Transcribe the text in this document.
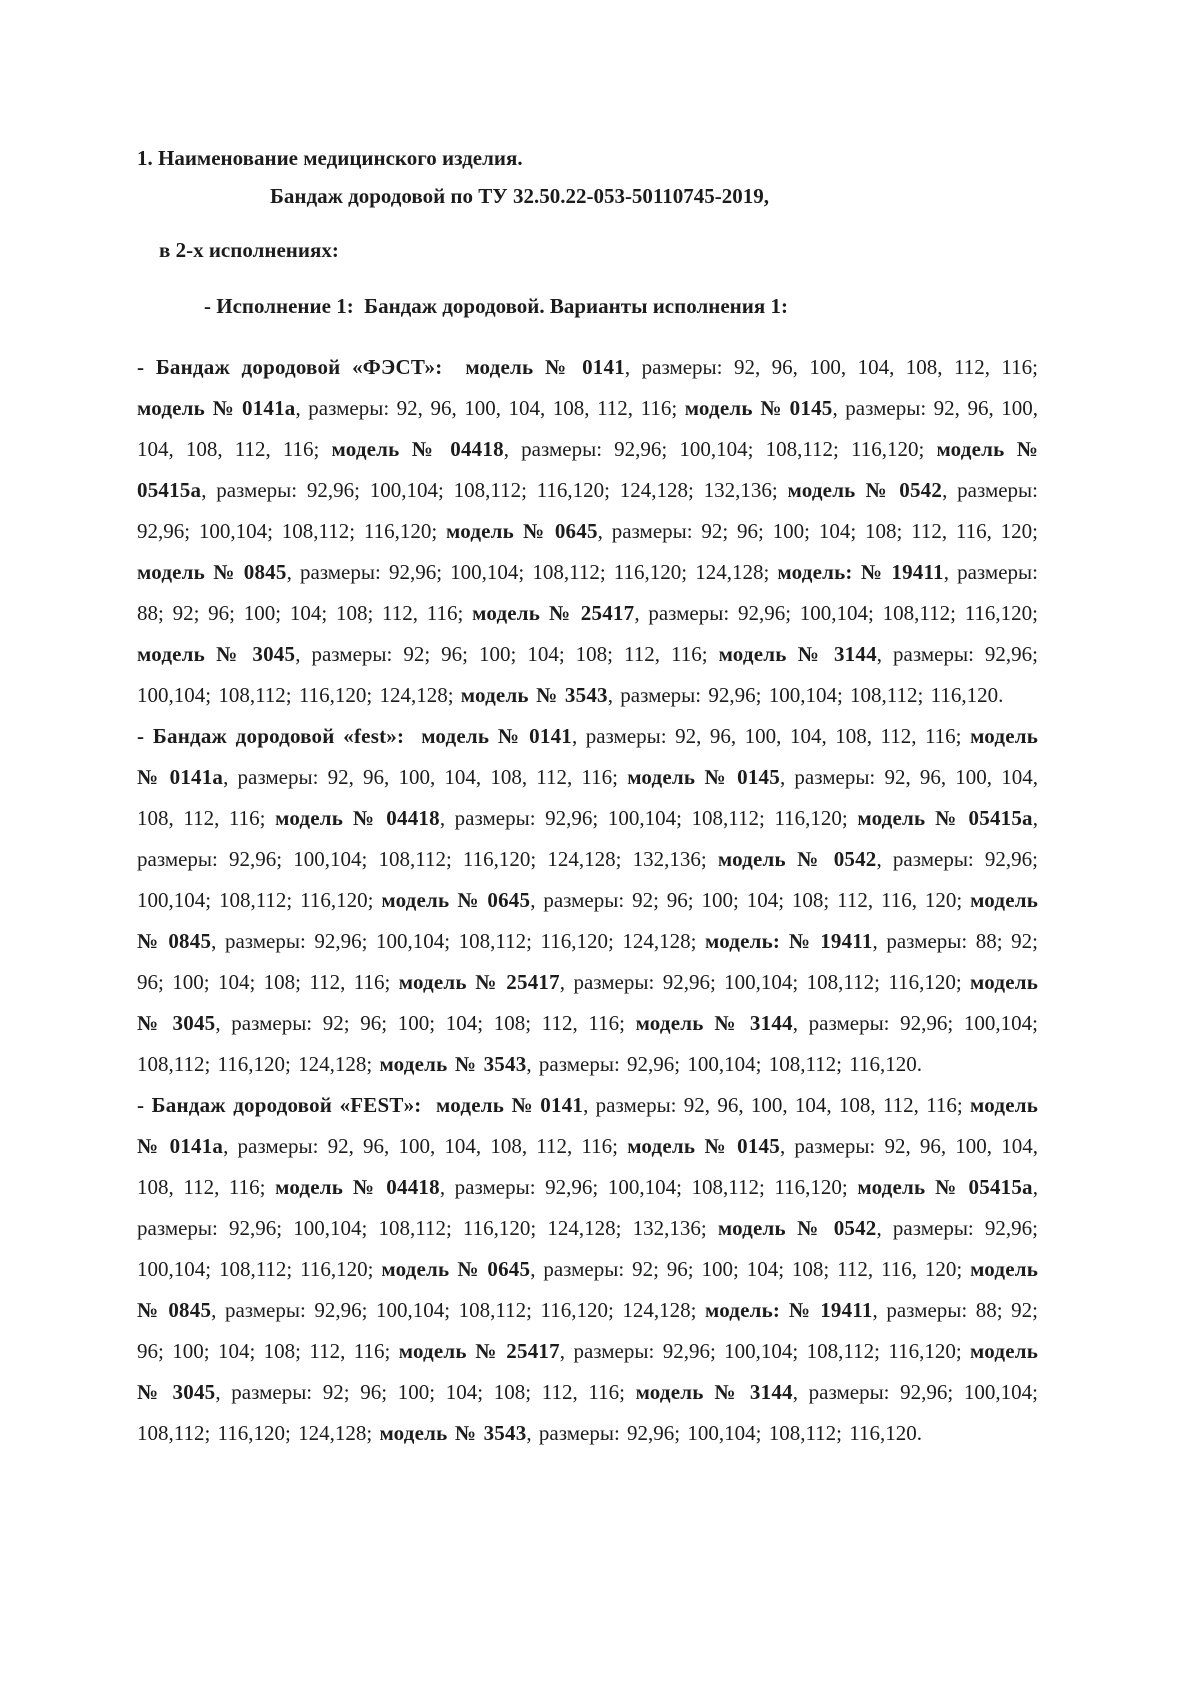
1. Наименование медицинского изделия.

Бандаж дородовой по ТУ 32.50.22-053-50110745-2019,

в 2-х исполнениях:

- Исполнение 1:  Бандаж дородовой. Варианты исполнения 1:

- Бандаж дородовой «ФЭСТ»: модель № 0141, размеры: 92, 96, 100, 104, 108, 112, 116; модель № 0141а, размеры: 92, 96, 100, 104, 108, 112, 116; модель № 0145, размеры: 92, 96, 100, 104, 108, 112, 116; модель № 04418, размеры: 92,96; 100,104; 108,112; 116,120; модель № 05415а, размеры: 92,96; 100,104; 108,112; 116,120; 124,128; 132,136; модель № 0542, размеры: 92,96; 100,104; 108,112; 116,120; модель № 0645, размеры: 92; 96; 100; 104; 108; 112, 116, 120; модель № 0845, размеры: 92,96; 100,104; 108,112; 116,120; 124,128; модель: № 19411, размеры: 88; 92; 96; 100; 104; 108; 112, 116; модель № 25417, размеры: 92,96; 100,104; 108,112; 116,120; модель № 3045, размеры: 92; 96; 100; 104; 108; 112, 116; модель № 3144, размеры: 92,96; 100,104; 108,112; 116,120; 124,128; модель № 3543, размеры: 92,96; 100,104; 108,112; 116,120.

- Бандаж дородовой «fest»: модель № 0141, размеры: 92, 96, 100, 104, 108, 112, 116; модель № 0141а, размеры: 92, 96, 100, 104, 108, 112, 116; модель № 0145, размеры: 92, 96, 100, 104, 108, 112, 116; модель № 04418, размеры: 92,96; 100,104; 108,112; 116,120; модель № 05415а, размеры: 92,96; 100,104; 108,112; 116,120; 124,128; 132,136; модель № 0542, размеры: 92,96; 100,104; 108,112; 116,120; модель № 0645, размеры: 92; 96; 100; 104; 108; 112, 116, 120; модель № 0845, размеры: 92,96; 100,104; 108,112; 116,120; 124,128; модель: № 19411, размеры: 88; 92; 96; 100; 104; 108; 112, 116; модель № 25417, размеры: 92,96; 100,104; 108,112; 116,120; модель № 3045, размеры: 92; 96; 100; 104; 108; 112, 116; модель № 3144, размеры: 92,96; 100,104; 108,112; 116,120; 124,128; модель № 3543, размеры: 92,96; 100,104; 108,112; 116,120.

- Бандаж дородовой «FEST»: модель № 0141, размеры: 92, 96, 100, 104, 108, 112, 116; модель № 0141а, размеры: 92, 96, 100, 104, 108, 112, 116; модель № 0145, размеры: 92, 96, 100, 104, 108, 112, 116; модель № 04418, размеры: 92,96; 100,104; 108,112; 116,120; модель № 05415а, размеры: 92,96; 100,104; 108,112; 116,120; 124,128; 132,136; модель № 0542, размеры: 92,96; 100,104; 108,112; 116,120; модель № 0645, размеры: 92; 96; 100; 104; 108; 112, 116, 120; модель № 0845, размеры: 92,96; 100,104; 108,112; 116,120; 124,128; модель: № 19411, размеры: 88; 92; 96; 100; 104; 108; 112, 116; модель № 25417, размеры: 92,96; 100,104; 108,112; 116,120; модель № 3045, размеры: 92; 96; 100; 104; 108; 112, 116; модель № 3144, размеры: 92,96; 100,104; 108,112; 116,120; 124,128; модель № 3543, размеры: 92,96; 100,104; 108,112; 116,120.
